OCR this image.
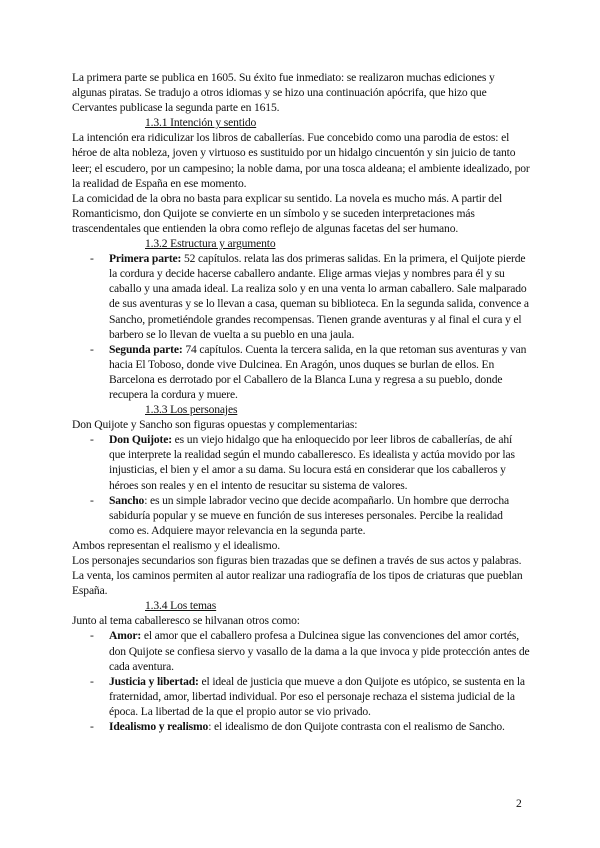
La primera parte se publica en 1605. Su éxito fue inmediato: se realizaron muchas ediciones y algunas piratas. Se tradujo a otros idiomas y se hizo una continuación apócrifa, que hizo que Cervantes publicase la segunda parte en 1615.

1.3.1 Intención y sentido

La intención era ridiculizar los libros de caballerías. Fue concebido como una parodia de estos: el héroe de alta nobleza, joven y virtuoso es sustituido por un hidalgo cincuentón y sin juicio de tanto leer; el escudero, por un campesino; la noble dama, por una tosca aldeana; el ambiente idealizado, por la realidad de España en ese momento.

La comicidad de la obra no basta para explicar su sentido. La novela es mucho más. A partir del Romanticismo, don Quijote se convierte en un símbolo y se suceden interpretaciones más trascendentales que entienden la obra como reflejo de algunas facetas del ser humano.

1.3.2 Estructura y argumento

- Primera parte: 52 capítulos. relata las dos primeras salidas. En la primera, el Quijote pierde la cordura y decide hacerse caballero andante. Elige armas viejas y nombres para él y su caballo y una amada ideal. La realiza solo y en una venta lo arman caballero. Sale malparado de sus aventuras y se lo llevan a casa, queman su biblioteca. En la segunda salida, convence a Sancho, prometiéndole grandes recompensas. Tienen grande aventuras y al final el cura y el barbero se lo llevan de vuelta a su pueblo en una jaula.
- Segunda parte: 74 capítulos. Cuenta la tercera salida, en la que retoman sus aventuras y van hacia El Toboso, donde vive Dulcinea. En Aragón, unos duques se burlan de ellos. En Barcelona es derrotado por el Caballero de la Blanca Luna y regresa a su pueblo, donde recupera la cordura y muere.

1.3.3 Los personajes

Don Quijote y Sancho son figuras opuestas y complementarias:

- Don Quijote: es un viejo hidalgo que ha enloquecido por leer libros de caballerías, de ahí que interprete la realidad según el mundo caballeresco. Es idealista y actúa movido por las injusticias, el bien y el amor a su dama. Su locura está en considerar que los caballeros y héroes son reales y en el intento de resucitar su sistema de valores.
- Sancho: es un simple labrador vecino que decide acompañarlo. Un hombre que derrocha sabiduría popular y se mueve en función de sus intereses personales. Percibe la realidad como es. Adquiere mayor relevancia en la segunda parte.

Ambos representan el realismo y el idealismo.

Los personajes secundarios son figuras bien trazadas que se definen a través de sus actos y palabras. La venta, los caminos permiten al autor realizar una radiografía de los tipos de criaturas que pueblan España.

1.3.4 Los temas

Junto al tema caballeresco se hilvanan otros como:

- Amor: el amor que el caballero profesa a Dulcinea sigue las convenciones del amor cortés, don Quijote se confiesa siervo y vasallo de la dama a la que invoca y pide protección antes de cada aventura.
- Justicia y libertad: el ideal de justicia que mueve a don Quijote es utópico, se sustenta en la fraternidad, amor, libertad individual. Por eso el personaje rechaza el sistema judicial de la época. La libertad de la que el propio autor se vio privado.
- Idealismo y realismo: el idealismo de don Quijote contrasta con el realismo de Sancho.
2
